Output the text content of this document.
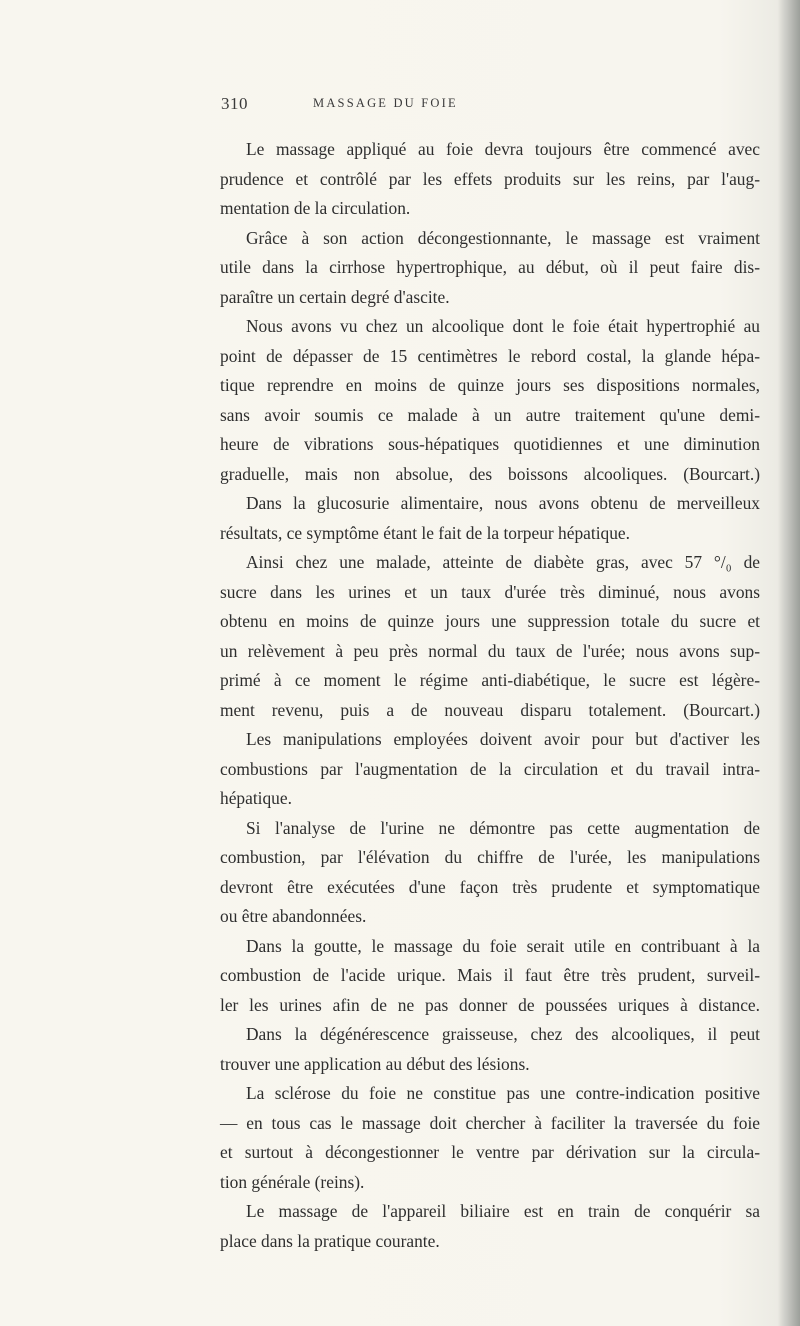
310	MASSAGE DU FOIE
Le massage appliqué au foie devra toujours être commencé avec
prudence et contrôlé par les effets produits sur les reins, par l'aug-
mentation de la circulation.
Grâce à son action décongestionnante, le massage est vraiment
utile dans la cirrhose hypertrophique, au début, où il peut faire dis-
paraître un certain degré d'ascite.
Nous avons vu chez un alcoolique dont le foie était hypertrophié au
point de dépasser de 15 centimètres le rebord costal, la glande hépa-
tique reprendre en moins de quinze jours ses dispositions normales,
sans avoir soumis ce malade à un autre traitement qu'une demi-
heure de vibrations sous-hépatiques quotidiennes et une diminution
graduelle, mais non absolue, des boissons alcooliques. (Bourcart.)
Dans la glucosurie alimentaire, nous avons obtenu de merveilleux
résultats, ce symptôme étant le fait de la torpeur hépatique.
Ainsi chez une malade, atteinte de diabète gras, avec 57 °/₀ de
sucre dans les urines et un taux d'urée très diminué, nous avons
obtenu en moins de quinze jours une suppression totale du sucre et
un relèvement à peu près normal du taux de l'urée; nous avons sup-
primé à ce moment le régime anti-diabétique, le sucre est légère-
ment revenu, puis a de nouveau disparu totalement. (Bourcart.)
Les manipulations employées doivent avoir pour but d'activer les
combustions par l'augmentation de la circulation et du travail intra-
hépatique.
Si l'analyse de l'urine ne démontre pas cette augmentation de
combustion, par l'élévation du chiffre de l'urée, les manipulations
devront être exécutées d'une façon très prudente et symptomatique
ou être abandonnées.
Dans la goutte, le massage du foie serait utile en contribuant à la
combustion de l'acide urique. Mais il faut être très prudent, surveil-
ler les urines afin de ne pas donner de poussées uriques à distance.
Dans la dégénérescence graisseuse, chez des alcooliques, il peut
trouver une application au début des lésions.
La sclérose du foie ne constitue pas une contre-indication positive
— en tous cas le massage doit chercher à faciliter la traversée du foie
et surtout à décongestionner le ventre par dérivation sur la circula-
tion générale (reins).
Le massage de l'appareil biliaire est en train de conquérir sa
place dans la pratique courante.
